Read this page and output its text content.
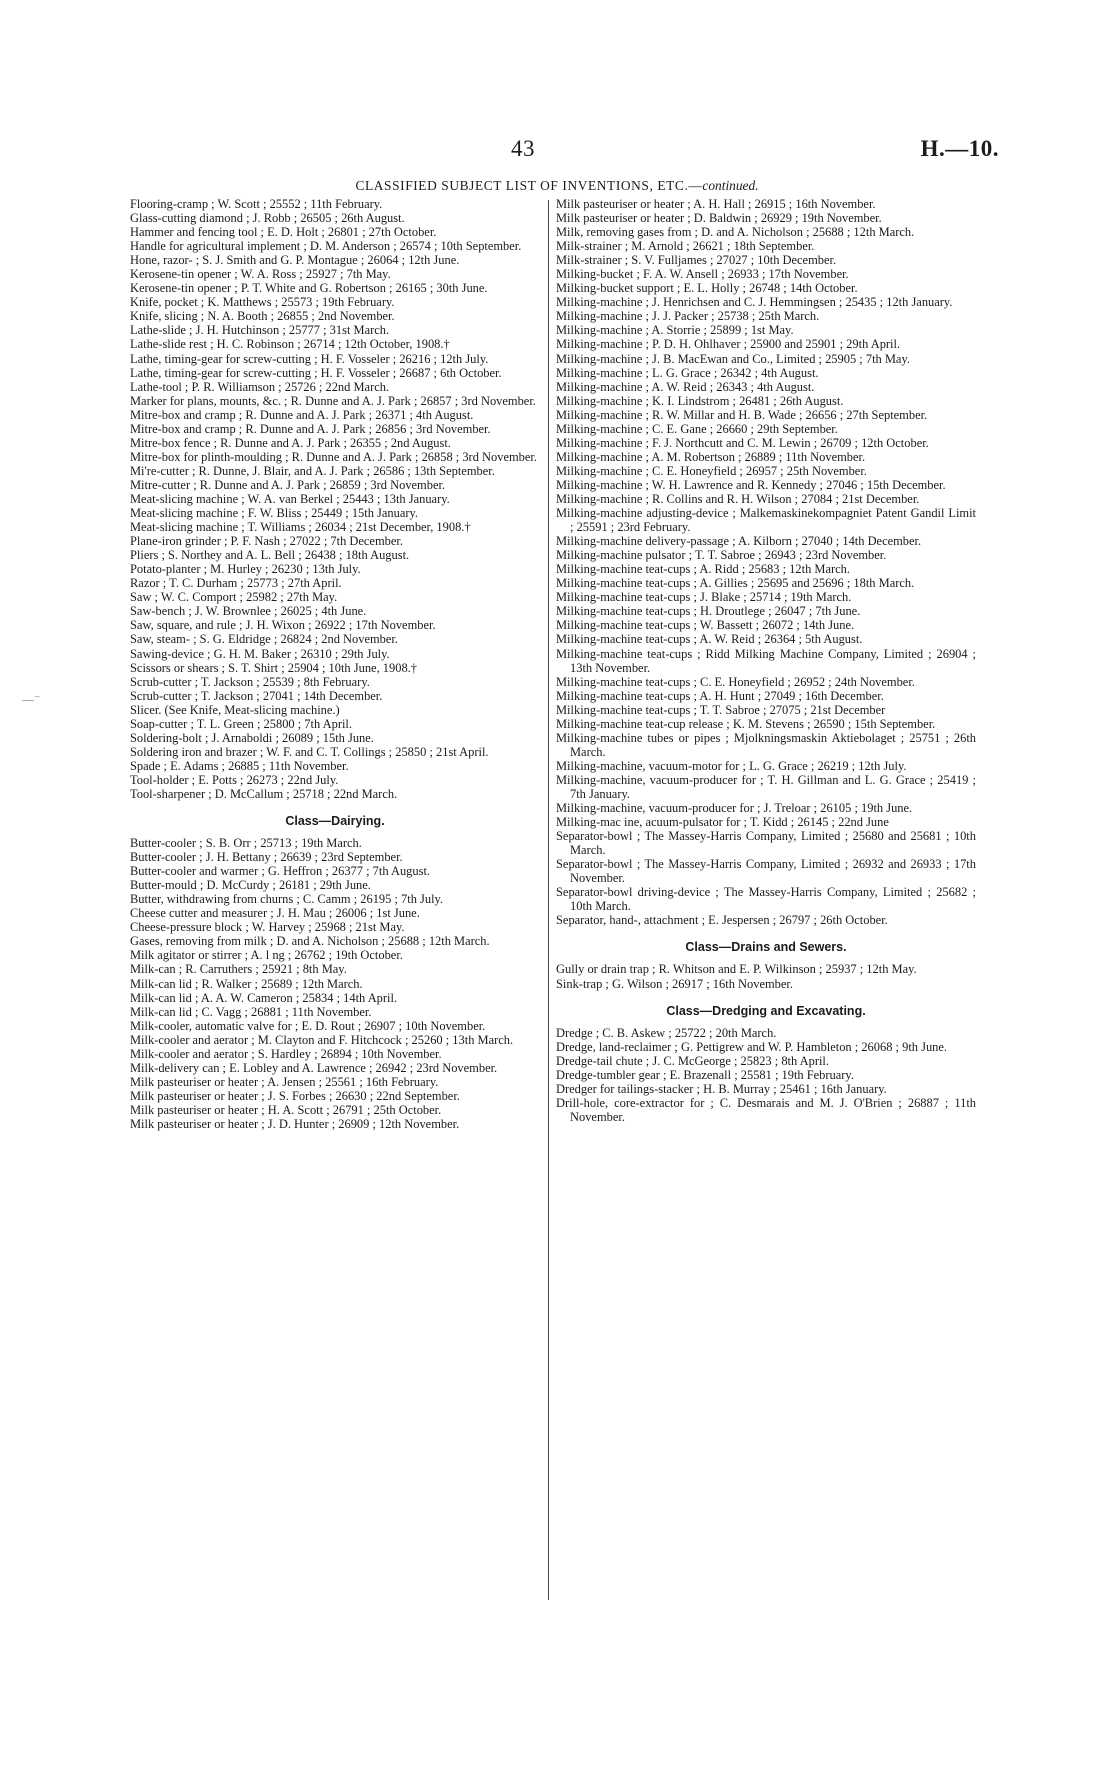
43	H.—10.
CLASSIFIED SUBJECT LIST OF INVENTIONS, ETC.—continued.
—⁻

Flooring-cramp ; W. Scott ; 25552 ; 11th February.

Glass-cutting diamond ; J. Robb ; 26505 ; 26th August.

Hammer and fencing tool ; E. D. Holt ; 26801 ; 27th October.

Handle for agricultural implement ; D. M. Anderson ; 26574 ; 10th September.

Hone, razor- ; S. J. Smith and G. P. Montague ; 26064 ; 12th June.

Kerosene-tin opener ; W. A. Ross ; 25927 ; 7th May.

Kerosene-tin opener ; P. T. White and G. Robertson ; 26165 ; 30th June.

Knife, pocket ; K. Matthews ; 25573 ; 19th February.

Knife, slicing ; N. A. Booth ; 26855 ; 2nd November.

Lathe-slide ; J. H. Hutchinson ; 25777 ; 31st March.

Lathe-slide rest ; H. C. Robinson ; 26714 ; 12th October, 1908.†

Lathe, timing-gear for screw-cutting ; H. F. Vosseler ; 26216 ; 12th July.

Lathe, timing-gear for screw-cutting ; H. F. Vosseler ; 26687 ; 6th October.

Lathe-tool ; P. R. Williamson ; 25726 ; 22nd March.

Marker for plans, mounts, &c. ; R. Dunne and A. J. Park ; 26857 ; 3rd November.

Mitre-box and cramp ; R. Dunne and A. J. Park ; 26371 ; 4th August.

Mitre-box and cramp ; R. Dunne and A. J. Park ; 26856 ; 3rd November.

Mitre-box fence ; R. Dunne and A. J. Park ; 26355 ; 2nd August.

Mitre-box for plinth-moulding ; R. Dunne and A. J. Park ; 26858 ; 3rd November.

Mi're-cutter ; R. Dunne, J. Blair, and A. J. Park ; 26586 ; 13th September.

Mitre-cutter ; R. Dunne and A. J. Park ; 26859 ; 3rd November.

Meat-slicing machine ; W. A. van Berkel ; 25443 ; 13th January.

Meat-slicing machine ; F. W. Bliss ; 25449 ; 15th January.

Meat-slicing machine ; T. Williams ; 26034 ; 21st December, 1908.†

Plane-iron grinder ; P. F. Nash ; 27022 ; 7th December.

Pliers ; S. Northey and A. L. Bell ; 26438 ; 18th August.

Potato-planter ; M. Hurley ; 26230 ; 13th July.

Razor ; T. C. Durham ; 25773 ; 27th April.

Saw ; W. C. Comport ; 25982 ; 27th May.

Saw-bench ; J. W. Brownlee ; 26025 ; 4th June.

Saw, square, and rule ; J. H. Wixon ; 26922 ; 17th November.

Saw, steam- ; S. G. Eldridge ; 26824 ; 2nd November.

Sawing-device ; G. H. M. Baker ; 26310 ; 29th July.

Scissors or shears ; S. T. Shirt ; 25904 ; 10th June, 1908.†

Scrub-cutter ; T. Jackson ; 25539 ; 8th February.

Scrub-cutter ; T. Jackson ; 27041 ; 14th December.

Slicer. (See Knife, Meat-slicing machine.)

Soap-cutter ; T. L. Green ; 25800 ; 7th April.

Soldering-bolt ; J. Arnaboldi ; 26089 ; 15th June.

Soldering iron and brazer ; W. F. and C. T. Collings ; 25850 ; 21st April.

Spade ; E. Adams ; 26885 ; 11th November.

Tool-holder ; E. Potts ; 26273 ; 22nd July.

Tool-sharpener ; D. McCallum ; 25718 ; 22nd March.

Class—Dairying.

Butter-cooler ; S. B. Orr ; 25713 ; 19th March.

Butter-cooler ; J. H. Bettany ; 26639 ; 23rd September.

Butter-cooler and warmer ; G. Heffron ; 26377 ; 7th August.

Butter-mould ; D. McCurdy ; 26181 ; 29th June.

Butter, withdrawing from churns ; C. Camm ; 26195 ; 7th July.

Cheese cutter and measurer ; J. H. Mau ; 26006 ; 1st June.

Cheese-pressure block ; W. Harvey ; 25968 ; 21st May.

Gases, removing from milk ; D. and A. Nicholson ; 25688 ; 12th March.

Milk agitator or stirrer ; A. l ng ; 26762 ; 19th October.

Milk-can ; R. Carruthers ; 25921 ; 8th May.

Milk-can lid ; R. Walker ; 25689 ; 12th March.

Milk-can lid ; A. A. W. Cameron ; 25834 ; 14th April.

Milk-can lid ; C. Vagg ; 26881 ; 11th November.

Milk-cooler, automatic valve for ; E. D. Rout ; 26907 ; 10th November.

Milk-cooler and aerator ; M. Clayton and F. Hitchcock ; 25260 ; 13th March.

Milk-cooler and aerator ; S. Hardley ; 26894 ; 10th November.

Milk-delivery can ; E. Lobley and A. Lawrence ; 26942 ; 23rd November.

Milk pasteuriser or heater ; A. Jensen ; 25561 ; 16th February.

Milk pasteuriser or heater ; J. S. Forbes ; 26630 ; 22nd September.

Milk pasteuriser or heater ; H. A. Scott ; 26791 ; 25th October.

Milk pasteuriser or heater ; J. D. Hunter ; 26909 ; 12th November.

Milk pasteuriser or heater ; A. H. Hall ; 26915 ; 16th November.

Milk pasteuriser or heater ; D. Baldwin ; 26929 ; 19th November.

Milk, removing gases from ; D. and A. Nicholson ; 25688 ; 12th March.

Milk-strainer ; M. Arnold ; 26621 ; 18th September.

Milk-strainer ; S. V. Fulljames ; 27027 ; 10th December.

Milking-bucket ; F. A. W. Ansell ; 26933 ; 17th November.

Milking-bucket support ; E. L. Holly ; 26748 ; 14th October.

Milking-machine ; J. Henrichsen and C. J. Hemmingsen ; 25435 ; 12th January.

Milking-machine ; J. J. Packer ; 25738 ; 25th March.

Milking-machine ; A. Storrie ; 25899 ; 1st May.

Milking-machine ; P. D. H. Ohlhaver ; 25900 and 25901 ; 29th April.

Milking-machine ; J. B. MacEwan and Co., Limited ; 25905 ; 7th May.

Milking-machine ; L. G. Grace ; 26342 ; 4th August.

Milking-machine ; A. W. Reid ; 26343 ; 4th August.

Milking-machine ; K. I. Lindstrom ; 26481 ; 26th August.

Milking-machine ; R. W. Millar and H. B. Wade ; 26656 ; 27th September.

Milking-machine ; C. E. Gane ; 26660 ; 29th September.

Milking-machine ; F. J. Northcutt and C. M. Lewin ; 26709 ; 12th October.

Milking-machine ; A. M. Robertson ; 26889 ; 11th November.

Milking-machine ; C. E. Honeyfield ; 26957 ; 25th November.

Milking-machine ; W. H. Lawrence and R. Kennedy ; 27046 ; 15th December.

Milking-machine ; R. Collins and R. H. Wilson ; 27084 ; 21st December.

Milking-machine adjusting-device ; Malkemaskinekompagniet Patent Gandil Limit ; 25591 ; 23rd February.

Milking-machine delivery-passage ; A. Kilborn ; 27040 ; 14th December.

Milking-machine pulsator ; T. T. Sabroe ; 26943 ; 23rd November.

Milking-machine teat-cups ; A. Ridd ; 25683 ; 12th March.

Milking-machine teat-cups ; A. Gillies ; 25695 and 25696 ; 18th March.

Milking-machine teat-cups ; J. Blake ; 25714 ; 19th March.

Milking-machine teat-cups ; H. Droutlege ; 26047 ; 7th June.

Milking-machine teat-cups ; W. Bassett ; 26072 ; 14th June.

Milking-machine teat-cups ; A. W. Reid ; 26364 ; 5th August.

Milking-machine teat-cups ; Ridd Milking Machine Company, Limited ; 26904 ; 13th November.

Milking-machine teat-cups ; C. E. Honeyfield ; 26952 ; 24th November.

Milking-machine teat-cups ; A. H. Hunt ; 27049 ; 16th December.

Milking-machine teat-cups ; T. T. Sabroe ; 27075 ; 21st December

Milking-machine teat-cup release ; K. M. Stevens ; 26590 ; 15th September.

Milking-machine tubes or pipes ; Mjolkningsmaskin Aktiebolaget ; 25751 ; 26th March.

Milking-machine, vacuum-motor for ; L. G. Grace ; 26219 ; 12th July.

Milking-machine, vacuum-producer for ; T. H. Gillman and L. G. Grace ; 25419 ; 7th January.

Milking-machine, vacuum-producer for ; J. Treloar ; 26105 ; 19th June.

Milking-mac ine, acuum-pulsator for ; T. Kidd ; 26145 ; 22nd June

Separator-bowl ; The Massey-Harris Company, Limited ; 25680 and 25681 ; 10th March.

Separator-bowl ; The Massey-Harris Company, Limited ; 26932 and 26933 ; 17th November.

Separator-bowl driving-device ; The Massey-Harris Company, Limited ; 25682 ; 10th March.

Separator, hand-, attachment ; E. Jespersen ; 26797 ; 26th October.

Class—Drains and Sewers.

Gully or drain trap ; R. Whitson and E. P. Wilkinson ; 25937 ; 12th May.

Sink-trap ; G. Wilson ; 26917 ; 16th November.

Class—Dredging and Excavating.

Dredge ; C. B. Askew ; 25722 ; 20th March.

Dredge, land-reclaimer ; G. Pettigrew and W. P. Hambleton ; 26068 ; 9th June.

Dredge-tail chute ; J. C. McGeorge ; 25823 ; 8th April.

Dredge-tumbler gear ; E. Brazenall ; 25581 ; 19th February.

Dredger for tailings-stacker ; H. B. Murray ; 25461 ; 16th January.

Drill-hole, core-extractor for ; C. Desmarais and M. J. O'Brien ; 26887 ; 11th November.
